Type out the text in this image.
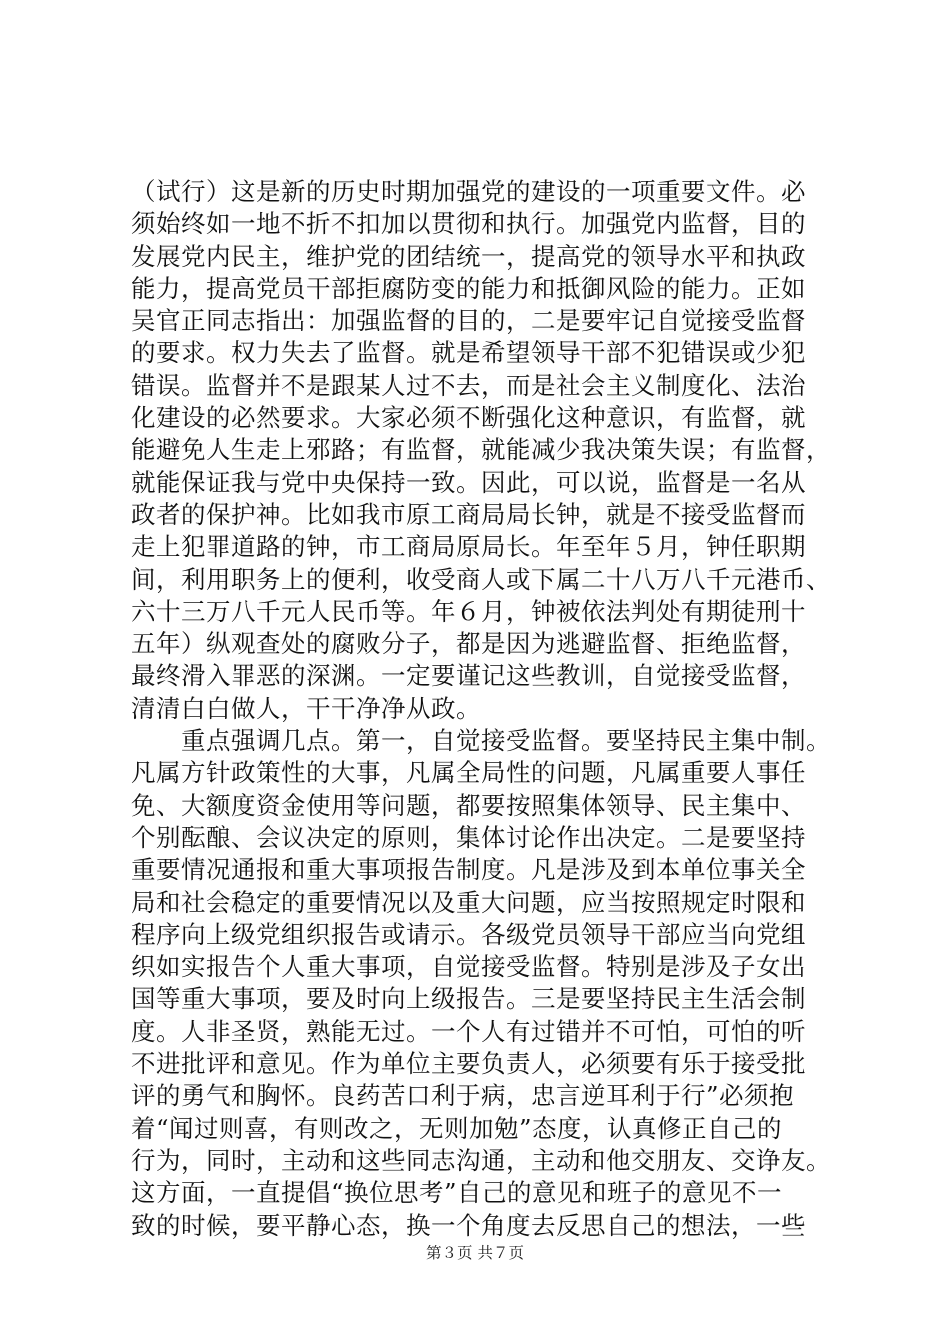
（试行）这是新的历史时期加强党的建设的一项重要文件。必
须始终如一地不折不扣加以贯彻和执行。加强党内监督，目的
发展党内民主，维护党的团结统一，提高党的领导水平和执政
能力，提高党员干部拒腐防变的能力和抵御风险的能力。正如
吴官正同志指出：加强监督的目的，二是要牢记自觉接受监督
的要求。权力失去了监督。就是希望领导干部不犯错误或少犯
错误。监督并不是跟某人过不去，而是社会主义制度化、法治
化建设的必然要求。大家必须不断强化这种意识，有监督，就
能避免人生走上邪路；有监督，就能减少我决策失误；有监督，
就能保证我与党中央保持一致。因此，可以说，监督是一名从
政者的保护神。比如我市原工商局局长钟，就是不接受监督而
走上犯罪道路的钟，市工商局原局长。年至年５月，钟任职期
间，利用职务上的便利，收受商人或下属二十八万八千元港币、
六十三万八千元人民币等。年６月，钟被依法判处有期徒刑十
五年）纵观查处的腐败分子，都是因为逃避监督、拒绝监督，
最终滑入罪恶的深渊。一定要谨记这些教训，自觉接受监督，
清清白白做人，干干净净从政。
重点强调几点。第一，自觉接受监督。要坚持民主集中制。
凡属方针政策性的大事，凡属全局性的问题，凡属重要人事任
免、大额度资金使用等问题，都要按照集体领导、民主集中、
个别酝酿、会议决定的原则，集体讨论作出决定。二是要坚持
重要情况通报和重大事项报告制度。凡是涉及到本单位事关全
局和社会稳定的重要情况以及重大问题，应当按照规定时限和
程序向上级党组织报告或请示。各级党员领导干部应当向党组
织如实报告个人重大事项，自觉接受监督。特别是涉及子女出
国等重大事项，要及时向上级报告。三是要坚持民主生活会制
度。人非圣贤，熟能无过。一个人有过错并不可怕，可怕的听
不进批评和意见。作为单位主要负责人，必须要有乐于接受批
评的勇气和胸怀。良药苦口利于病，忠言逆耳利于行”必须抱
着“闻过则喜，有则改之，无则加勉”态度，认真修正自己的
行为，同时，主动和这些同志沟通，主动和他交朋友、交诤友。
这方面，一直提倡“换位思考”自己的意见和班子的意见不一
致的时候，要平静心态，换一个角度去反思自己的想法，一些
第３页 共７页
